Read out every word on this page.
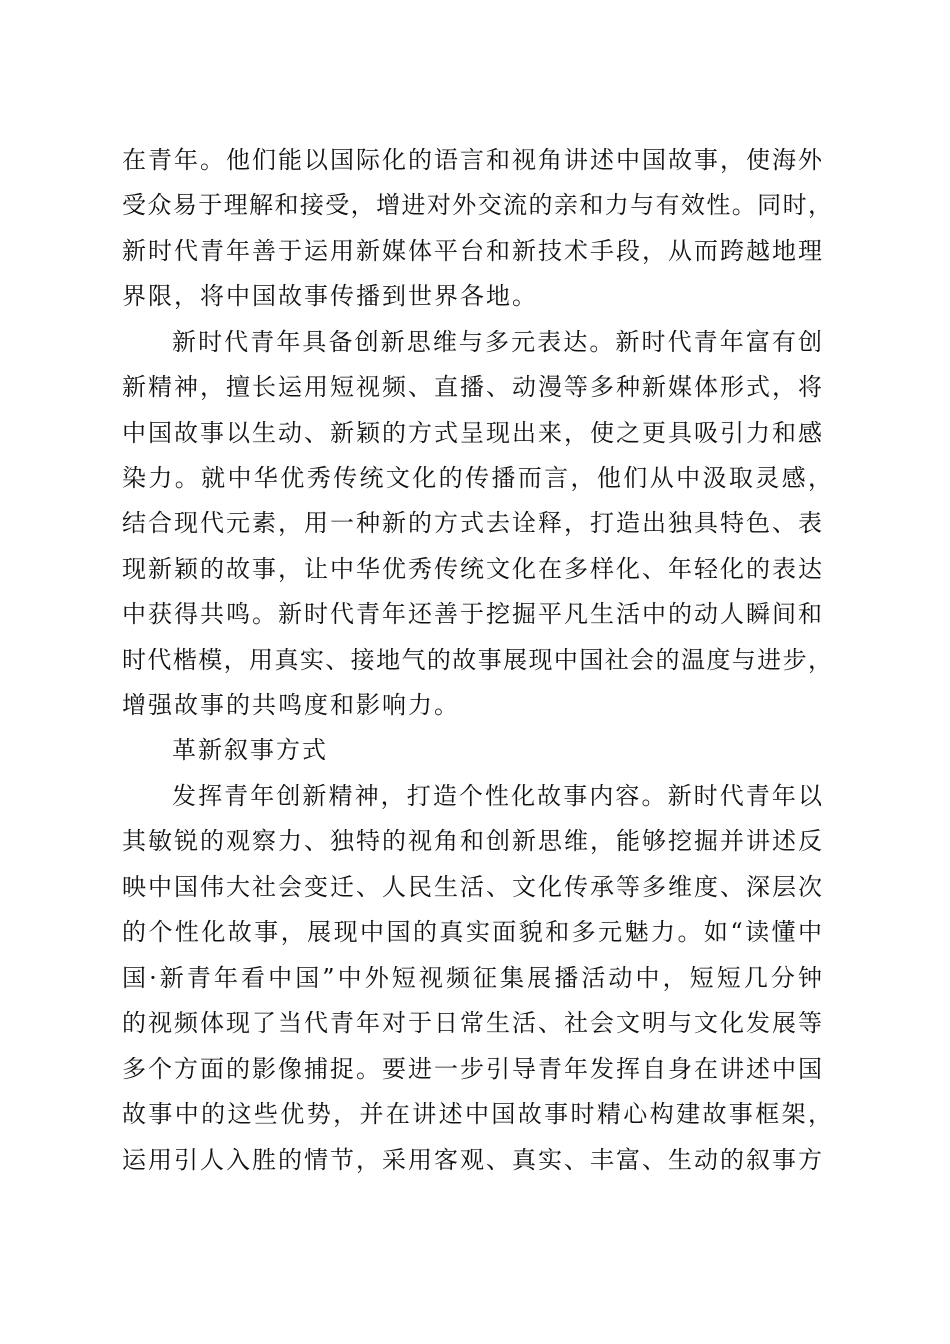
在青年。他们能以国际化的语言和视角讲述中国故事，使海外
受众易于理解和接受，增进对外交流的亲和力与有效性。同时，
新时代青年善于运用新媒体平台和新技术手段，从而跨越地理
界限，将中国故事传播到世界各地。
新时代青年具备创新思维与多元表达。新时代青年富有创
新精神，擅长运用短视频、直播、动漫等多种新媒体形式，将
中国故事以生动、新颖的方式呈现出来，使之更具吸引力和感
染力。就中华优秀传统文化的传播而言，他们从中汲取灵感，
结合现代元素，用一种新的方式去诠释，打造出独具特色、表
现新颖的故事，让中华优秀传统文化在多样化、年轻化的表达
中获得共鸣。新时代青年还善于挖掘平凡生活中的动人瞬间和
时代楷模，用真实、接地气的故事展现中国社会的温度与进步，
增强故事的共鸣度和影响力。
革新叙事方式
发挥青年创新精神，打造个性化故事内容。新时代青年以
其敏锐的观察力、独特的视角和创新思维，能够挖掘并讲述反
映中国伟大社会变迁、人民生活、文化传承等多维度、深层次
的个性化故事，展现中国的真实面貌和多元魅力。如“读懂中
国·新青年看中国”中外短视频征集展播活动中，短短几分钟
的视频体现了当代青年对于日常生活、社会文明与文化发展等
多个方面的影像捕捉。要进一步引导青年发挥自身在讲述中国
故事中的这些优势，并在讲述中国故事时精心构建故事框架，
运用引人入胜的情节，采用客观、真实、丰富、生动的叙事方
